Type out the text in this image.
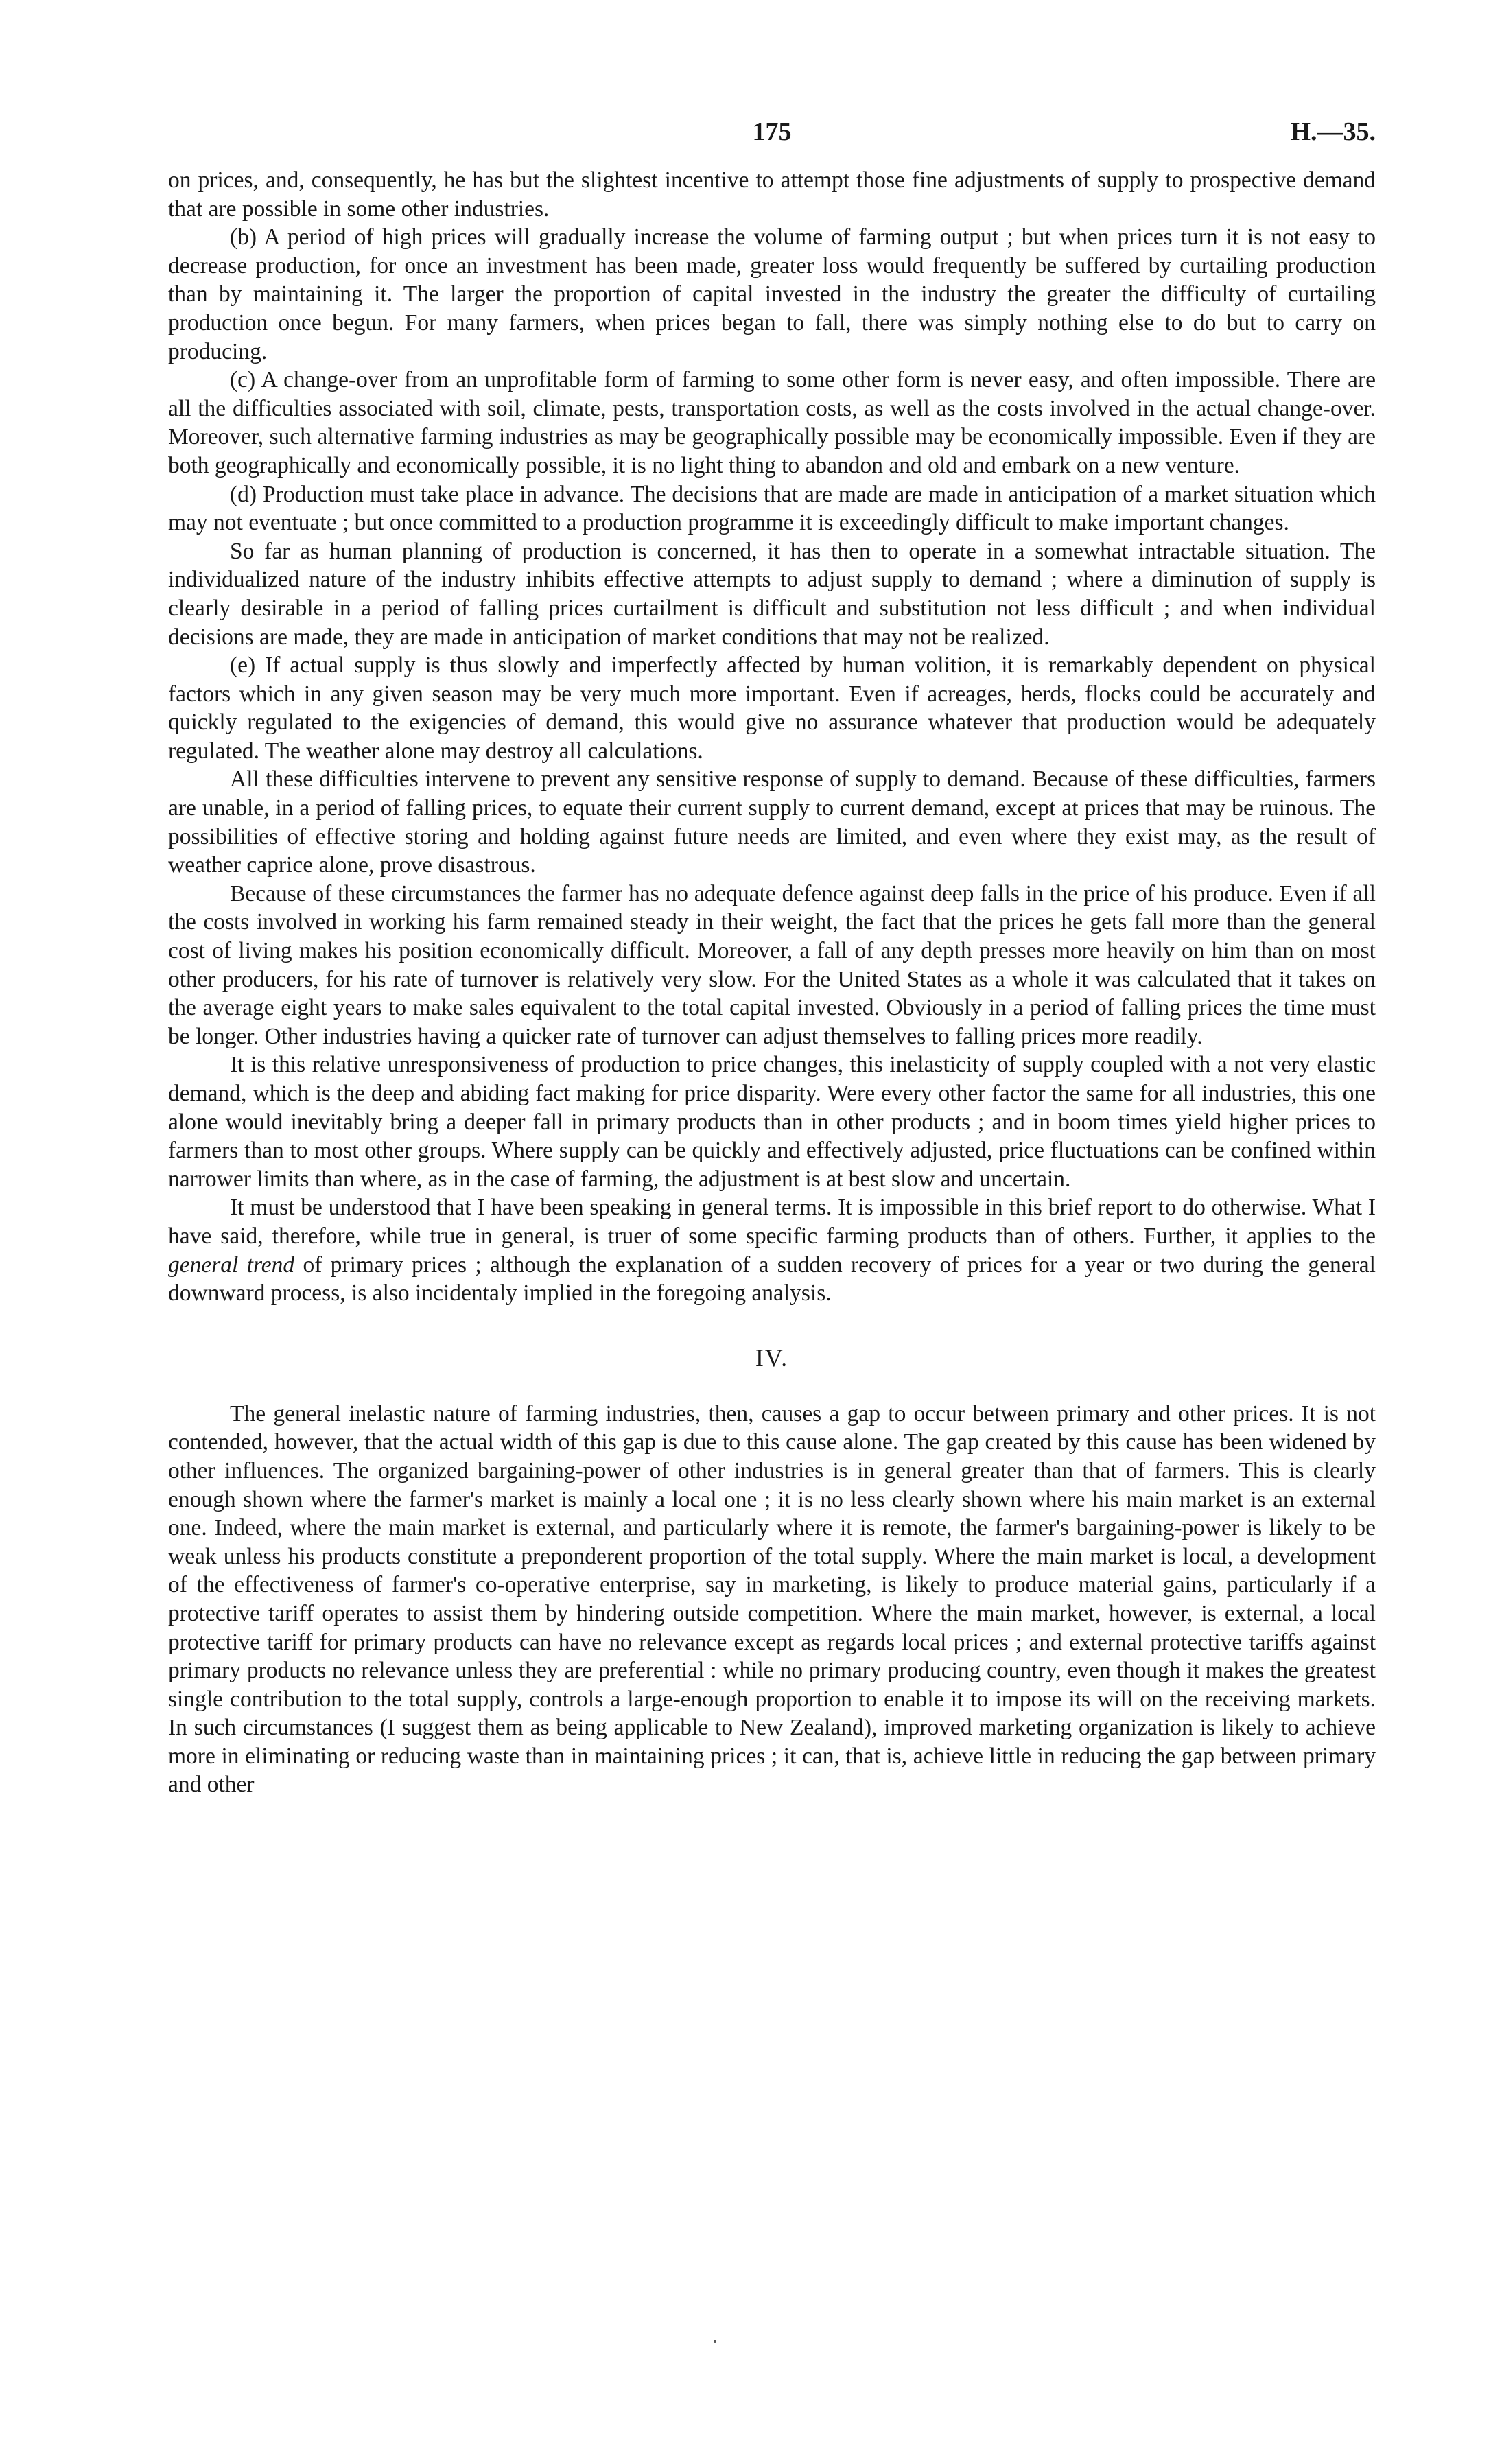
175	H.—35.

on prices, and, consequently, he has but the slightest incentive to attempt those fine adjustments of supply to prospective demand that are possible in some other industries.

(b) A period of high prices will gradually increase the volume of farming output ; but when prices turn it is not easy to decrease production, for once an investment has been made, greater loss would frequently be suffered by curtailing production than by maintaining it. The larger the proportion of capital invested in the industry the greater the difficulty of curtailing production once begun. For many farmers, when prices began to fall, there was simply nothing else to do but to carry on producing.

(c) A change-over from an unprofitable form of farming to some other form is never easy, and often impossible. There are all the difficulties associated with soil, climate, pests, transportation costs, as well as the costs involved in the actual change-over. Moreover, such alternative farming industries as may be geographically possible may be economically impossible. Even if they are both geographically and economically possible, it is no light thing to abandon and old and embark on a new venture.

(d) Production must take place in advance. The decisions that are made are made in anticipation of a market situation which may not eventuate ; but once committed to a production programme it is exceedingly difficult to make important changes.

So far as human planning of production is concerned, it has then to operate in a somewhat intractable situation. The individualized nature of the industry inhibits effective attempts to adjust supply to demand ; where a diminution of supply is clearly desirable in a period of falling prices curtailment is difficult and substitution not less difficult ; and when individual decisions are made, they are made in anticipation of market conditions that may not be realized.

(e) If actual supply is thus slowly and imperfectly affected by human volition, it is remarkably dependent on physical factors which in any given season may be very much more important. Even if acreages, herds, flocks could be accurately and quickly regulated to the exigencies of demand, this would give no assurance whatever that production would be adequately regulated. The weather alone may destroy all calculations.

All these difficulties intervene to prevent any sensitive response of supply to demand. Because of these difficulties, farmers are unable, in a period of falling prices, to equate their current supply to current demand, except at prices that may be ruinous. The possibilities of effective storing and holding against future needs are limited, and even where they exist may, as the result of weather caprice alone, prove disastrous.

Because of these circumstances the farmer has no adequate defence against deep falls in the price of his produce. Even if all the costs involved in working his farm remained steady in their weight, the fact that the prices he gets fall more than the general cost of living makes his position economically difficult. Moreover, a fall of any depth presses more heavily on him than on most other producers, for his rate of turnover is relatively very slow. For the United States as a whole it was calculated that it takes on the average eight years to make sales equivalent to the total capital invested. Obviously in a period of falling prices the time must be longer. Other industries having a quicker rate of turnover can adjust themselves to falling prices more readily.

It is this relative unresponsiveness of production to price changes, this inelasticity of supply coupled with a not very elastic demand, which is the deep and abiding fact making for price disparity. Were every other factor the same for all industries, this one alone would inevitably bring a deeper fall in primary products than in other products ; and in boom times yield higher prices to farmers than to most other groups. Where supply can be quickly and effectively adjusted, price fluctuations can be confined within narrower limits than where, as in the case of farming, the adjustment is at best slow and uncertain.

It must be understood that I have been speaking in general terms. It is impossible in this brief report to do otherwise. What I have said, therefore, while true in general, is truer of some specific farming products than of others. Further, it applies to the general trend of primary prices ; although the explanation of a sudden recovery of prices for a year or two during the general downward process, is also incidentaly implied in the foregoing analysis.

IV.

The general inelastic nature of farming industries, then, causes a gap to occur between primary and other prices. It is not contended, however, that the actual width of this gap is due to this cause alone. The gap created by this cause has been widened by other influences. The organized bargaining-power of other industries is in general greater than that of farmers. This is clearly enough shown where the farmer's market is mainly a local one ; it is no less clearly shown where his main market is an external one. Indeed, where the main market is external, and particularly where it is remote, the farmer's bargaining-power is likely to be weak unless his products constitute a preponderent proportion of the total supply. Where the main market is local, a development of the effectiveness of farmer's co-operative enterprise, say in marketing, is likely to produce material gains, particularly if a protective tariff operates to assist them by hindering outside competition. Where the main market, however, is external, a local protective tariff for primary products can have no relevance except as regards local prices ; and external protective tariffs against primary products no relevance unless they are preferential : while no primary producing country, even though it makes the greatest single contribution to the total supply, controls a large-enough proportion to enable it to impose its will on the receiving markets. In such circumstances (I suggest them as being applicable to New Zealand), improved marketing organization is likely to achieve more in eliminating or reducing waste than in maintaining prices ; it can, that is, achieve little in reducing the gap between primary and other
